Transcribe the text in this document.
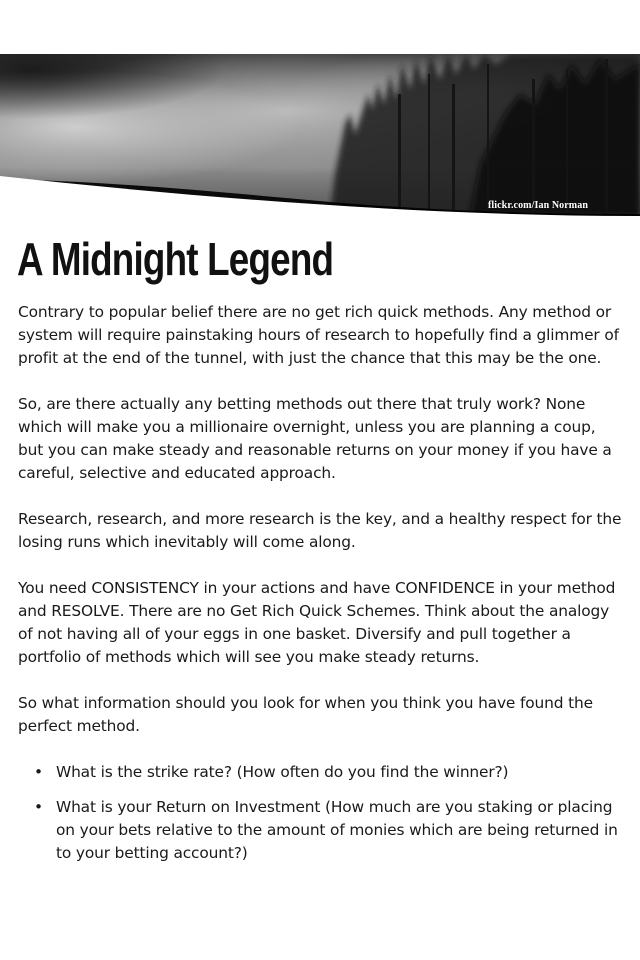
flickr.com/Ian Norman
A Midnight Legend

Contrary to popular belief there are no get rich quick methods. Any method or system will require painstaking hours of research to hopefully find a glimmer of profit at the end of the tunnel, with just the chance that this may be the one.

So, are there actually any betting methods out there that truly work? None which will make you a millionaire overnight, unless you are planning a coup, but you can make steady and reasonable returns on your money if you have a careful, selective and educated approach.

Research, research, and more research is the key, and a healthy respect for the losing runs which inevitably will come along.

You need CONSISTENCY in your actions and have CONFIDENCE in your method and RESOLVE. There are no Get Rich Quick Schemes. Think about the analogy of not having all of your eggs in one basket. Diversify and pull together a portfolio of methods which will see you make steady returns.

So what information should you look for when you think you have found the perfect method.

• What is the strike rate? (How often do you find the winner?)
• What is your Return on Investment (How much are you staking or placing on your bets relative to the amount of monies which are being returned in to your betting account?)
